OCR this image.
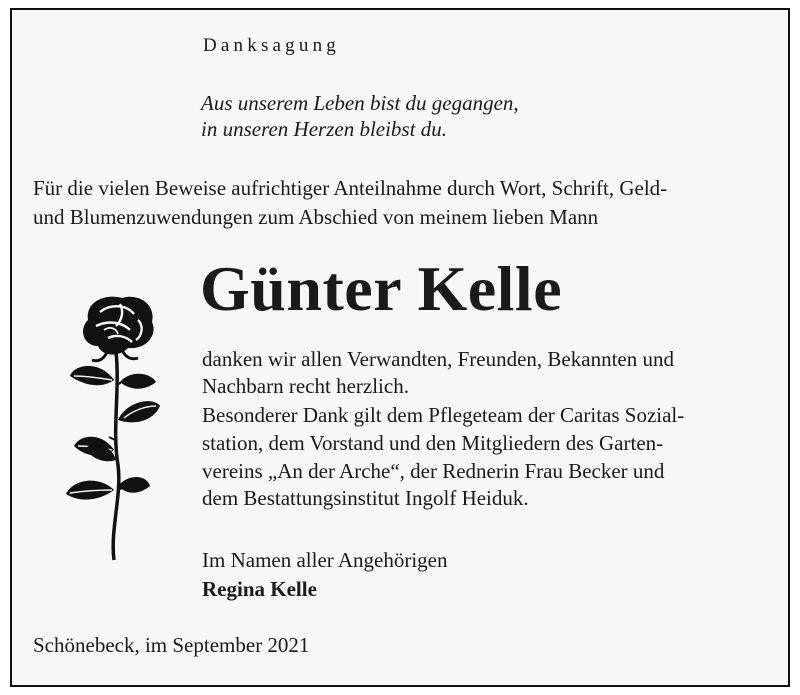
Danksagung
Aus unserem Leben bist du gegangen,
in unseren Herzen bleibst du.
Für die vielen Beweise aufrichtiger Anteilnahme durch Wort, Schrift, Geld-
und Blumenzuwendungen zum Abschied von meinem lieben Mann
Günter Kelle
danken wir allen Verwandten, Freunden, Bekannten und
Nachbarn recht herzlich.
Besonderer Dank gilt dem Pflegeteam der Caritas Sozial-
station, dem Vorstand und den Mitgliedern des Garten-
vereins „An der Arche“, der Rednerin Frau Becker und
dem Bestattungsinstitut Ingolf Heiduk.
Im Namen aller Angehörigen
Regina Kelle
Schönebeck, im September 2021
